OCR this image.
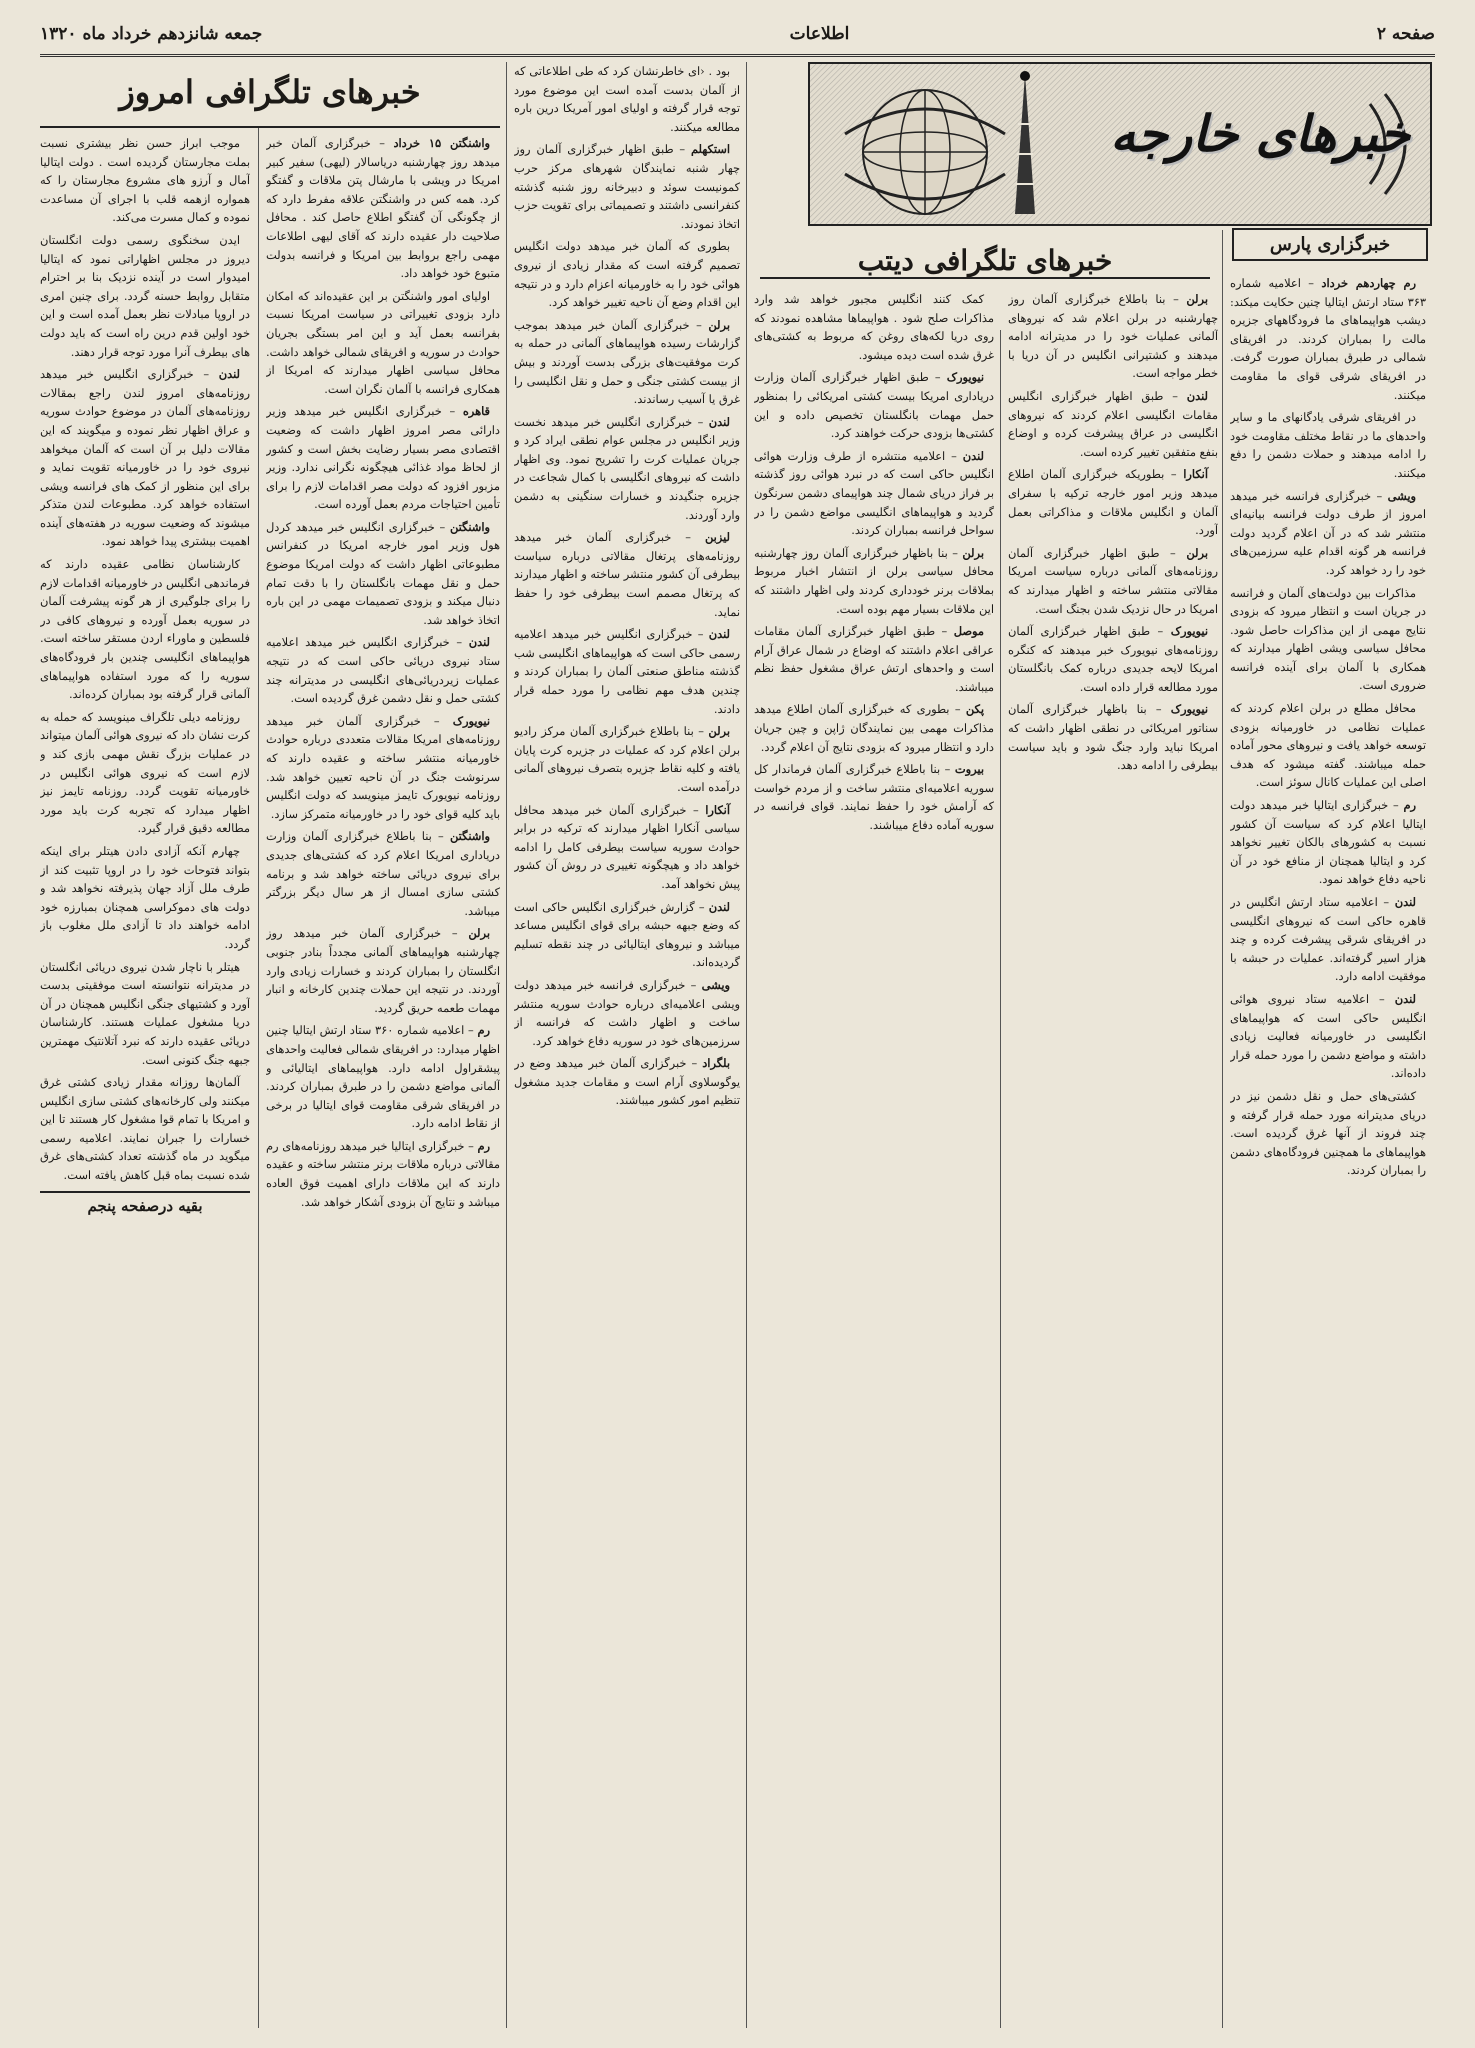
صفحه ۲
اطلاعات
جمعه شانزدهم خرداد ماه ۱۳۲۰

موجب ابراز حسن نظر بیشتری نسبت بملت مجارستان گردیده است . دولت ایتالیا آمال و آرزو های مشروع مجارستان را که همواره ازهمه قلب با اجرای آن مساعدت نموده و کمال مسرت می‌کند.

ایدن سخنگوی رسمی دولت انگلستان دیروز در مجلس اظهاراتی نمود که ایتالیا امیدوار است در آینده نزدیک بنا بر احترام متقابل روابط حسنه گردد. برای چنین امری در اروپا مبادلات نظر بعمل آمده است و این خود اولین قدم درین راه است که باید دولت های بیطرف آنرا مورد توجه قرار دهند.

لندن – خبرگزاری انگلیس خبر میدهد روزنامه‌های امروز لندن راجع بمقالات روزنامه‌های آلمان در موضوع حوادث سوریه و عراق اظهار نظر نموده و میگویند که این مقالات دلیل بر آن است که آلمان میخواهد نیروی خود را در خاورمیانه تقویت نماید و برای این منظور از کمک های فرانسه ویشی استفاده خواهد کرد. مطبوعات لندن متذکر میشوند که وضعیت سوریه در هفته‌های آینده اهمیت بیشتری پیدا خواهد نمود.

کارشناسان نظامی عقیده دارند که فرماندهی انگلیس در خاورمیانه اقدامات لازم را برای جلوگیری از هر گونه پیشرفت آلمان در سوریه بعمل آورده و نیروهای کافی در فلسطین و ماوراء اردن مستقر ساخته است. هواپیماهای انگلیسی چندین بار فرودگاه‌های سوریه را که مورد استفاده هواپیماهای آلمانی قرار گرفته بود بمباران کرده‌اند.

روزنامه دیلی تلگراف مینویسد که حمله به کرت نشان داد که نیروی هوائی آلمان میتواند در عملیات بزرگ نقش مهمی بازی کند و لازم است که نیروی هوائی انگلیس در خاورمیانه تقویت گردد. روزنامه تایمز نیز اظهار میدارد که تجربه کرت باید مورد مطالعه دقیق قرار گیرد.

چهارم آنکه آزادی دادن هیتلر برای اینکه بتواند فتوحات خود را در اروپا تثبیت کند از طرف ملل آزاد جهان پذیرفته نخواهد شد و دولت های دموکراسی همچنان بمبارزه خود ادامه خواهند داد تا آزادی ملل مغلوب باز گردد.

هیتلر با ناچار شدن نیروی دریائی انگلستان در مدیترانه نتوانسته است موفقیتی بدست آورد و کشتیهای جنگی انگلیس همچنان در آن دریا مشغول عملیات هستند. کارشناسان دریائی عقیده دارند که نبرد آتلانتیک مهمترین جبهه جنگ کنونی است.

آلمان‌ها روزانه مقدار زیادی کشتی غرق میکنند ولی کارخانه‌های کشتی سازی انگلیس و امریکا با تمام قوا مشغول کار هستند تا این خسارات را جبران نمایند. اعلامیه رسمی میگوید در ماه گذشته تعداد کشتی‌های غرق شده نسبت بماه قبل کاهش یافته است.

بقیه درصفحه پنجم
خبرهای تلگرافی امروز

واشنگتن ۱۵ خرداد – خبرگزاری آلمان خبر میدهد روز چهارشنبه دریاسالار (لیهی) سفیر کبیر امریکا در ویشی با مارشال پتن ملاقات و گفتگو کرد. همه کس در واشنگتن علاقه مفرط دارد که از چگونگی آن گفتگو اطلاع حاصل کند . محافل صلاحیت دار عقیده دارند که آقای لیهی اطلاعات مهمی راجع بروابط بین امریکا و فرانسه بدولت متبوع خود خواهد داد.

اولیای امور واشنگتن بر این عقیده‌اند که امکان دارد بزودی تغییراتی در سیاست امریکا نسبت بفرانسه بعمل آید و این امر بستگی بجریان حوادث در سوریه و افریقای شمالی خواهد داشت. محافل سیاسی اظهار میدارند که امریکا از همکاری فرانسه با آلمان نگران است.

قاهره – خبرگزاری انگلیس خبر میدهد وزیر دارائی مصر امروز اظهار داشت که وضعیت اقتصادی مصر بسیار رضایت بخش است و کشور از لحاظ مواد غذائی هیچگونه نگرانی ندارد. وزیر مزبور افزود که دولت مصر اقدامات لازم را برای تأمین احتیاجات مردم بعمل آورده است.

واشنگتن – خبرگزاری انگلیس خبر میدهد کردل هول وزیر امور خارجه امریکا در کنفرانس مطبوعاتی اظهار داشت که دولت امریکا موضوع حمل و نقل مهمات بانگلستان را با دقت تمام دنبال میکند و بزودی تصمیمات مهمی در این باره اتخاذ خواهد شد.

لندن – خبرگزاری انگلیس خبر میدهد اعلامیه ستاد نیروی دریائی حاکی است که در نتیجه عملیات زیردریائی‌های انگلیسی در مدیترانه چند کشتی حمل و نقل دشمن غرق گردیده است.

نیویورک – خبرگزاری آلمان خبر میدهد روزنامه‌های امریکا مقالات متعددی درباره حوادث خاورمیانه منتشر ساخته و عقیده دارند که سرنوشت جنگ در آن ناحیه تعیین خواهد شد. روزنامه نیویورک تایمز مینویسد که دولت انگلیس باید کلیه قوای خود را در خاورمیانه متمرکز سازد.

واشنگتن – بنا باطلاع خبرگزاری آلمان وزارت دریاداری امریکا اعلام کرد که کشتی‌های جدیدی برای نیروی دریائی ساخته خواهد شد و برنامه کشتی سازی امسال از هر سال دیگر بزرگتر میباشد.

برلن – خبرگزاری آلمان خبر میدهد روز چهارشنبه هواپیماهای آلمانی مجدداً بنادر جنوبی انگلستان را بمباران کردند و خسارات زیادی وارد آوردند. در نتیجه این حملات چندین کارخانه و انبار مهمات طعمه حریق گردید.

رم – اعلامیه شماره ۳۶۰ ستاد ارتش ایتالیا چنین اظهار میدارد: در افریقای شمالی فعالیت واحدهای پیشقراول ادامه دارد. هواپیماهای ایتالیائی و آلمانی مواضع دشمن را در طبرق بمباران کردند. در افریقای شرقی مقاومت قوای ایتالیا در برخی از نقاط ادامه دارد.

رم – خبرگزاری ایتالیا خبر میدهد روزنامه‌های رم مقالاتی درباره ملاقات برنر منتشر ساخته و عقیده دارند که این ملاقات دارای اهمیت فوق العاده میباشد و نتایج آن بزودی آشکار خواهد شد.

بود . ‹ای خاطرنشان کرد که طی اطلاعاتی که از آلمان بدست آمده است این موضوع مورد توجه قرار گرفته و اولیای امور آمریکا درین باره مطالعه میکنند.

استکهلم – طبق اظهار خبرگزاری آلمان روز چهار شنبه نمایندگان شهرهای مرکز حرب کمونیست سوئد و دبیرخانه روز شنبه گذشته کنفرانسی داشتند و تصمیماتی برای تقویت حزب اتخاذ نمودند.

بطوری که آلمان خبر میدهد دولت انگلیس تصمیم گرفته است که مقدار زیادی از نیروی هوائی خود را به خاورمیانه اعزام دارد و در نتیجه این اقدام وضع آن ناحیه تغییر خواهد کرد.

برلن – خبرگزاری آلمان خبر میدهد بموجب گزارشات رسیده هواپیماهای آلمانی در حمله به کرت موفقیت‌های بزرگی بدست آوردند و بیش از بیست کشتی جنگی و حمل و نقل انگلیسی را غرق یا آسیب رساندند.

لندن – خبرگزاری انگلیس خبر میدهد نخست وزیر انگلیس در مجلس عوام نطقی ایراد کرد و جریان عملیات کرت را تشریح نمود. وی اظهار داشت که نیروهای انگلیسی با کمال شجاعت در جزیره جنگیدند و خسارات سنگینی به دشمن وارد آوردند.

لیزبن – خبرگزاری آلمان خبر میدهد روزنامه‌های پرتغال مقالاتی درباره سیاست بیطرفی آن کشور منتشر ساخته و اظهار میدارند که پرتغال مصمم است بیطرفی خود را حفظ نماید.

لندن – خبرگزاری انگلیس خبر میدهد اعلامیه رسمی حاکی است که هواپیماهای انگلیسی شب گذشته مناطق صنعتی آلمان را بمباران کردند و چندین هدف مهم نظامی را مورد حمله قرار دادند.

برلن – بنا باطلاع خبرگزاری آلمان مرکز رادیو برلن اعلام کرد که عملیات در جزیره کرت پایان یافته و کلیه نقاط جزیره بتصرف نیروهای آلمانی درآمده است.

آنکارا – خبرگزاری آلمان خبر میدهد محافل سیاسی آنکارا اظهار میدارند که ترکیه در برابر حوادث سوریه سیاست بیطرفی کامل را ادامه خواهد داد و هیچگونه تغییری در روش آن کشور پیش نخواهد آمد.

لندن – گزارش خبرگزاری انگلیس حاکی است که وضع جبهه حبشه برای قوای انگلیس مساعد میباشد و نیروهای ایتالیائی در چند نقطه تسلیم گردیده‌اند.

ویشی – خبرگزاری فرانسه خبر میدهد دولت ویشی اعلامیه‌ای درباره حوادث سوریه منتشر ساخت و اظهار داشت که فرانسه از سرزمین‌های خود در سوریه دفاع خواهد کرد.

بلگراد – خبرگزاری آلمان خبر میدهد وضع در یوگوسلاوی آرام است و مقامات جدید مشغول تنظیم امور کشور میباشند.

خبرهای خارجه
خبرهای تلگرافی دیتب	خبرگزاری پارس

کمک کنند انگلیس مجبور خواهد شد وارد مذاکرات صلح شود . هواپیماها مشاهده نمودند که روی دریا لکه‌های روغن که مربوط به کشتی‌های غرق شده است دیده میشود.

نیویورک – طبق اظهار خبرگزاری آلمان وزارت دریاداری امریکا بیست کشتی امریکائی را بمنظور حمل مهمات بانگلستان تخصیص داده و این کشتی‌ها بزودی حرکت خواهند کرد.

لندن – اعلامیه منتشره از طرف وزارت هوائی انگلیس حاکی است که در نبرد هوائی روز گذشته بر فراز دریای شمال چند هواپیمای دشمن سرنگون گردید و هواپیماهای انگلیسی مواضع دشمن را در سواحل فرانسه بمباران کردند.

برلن – بنا باظهار خبرگزاری آلمان روز چهارشنبه محافل سیاسی برلن از انتشار اخبار مربوط بملاقات برنر خودداری کردند ولی اظهار داشتند که این ملاقات بسیار مهم بوده است.

موصل – طبق اظهار خبرگزاری آلمان مقامات عراقی اعلام داشتند که اوضاع در شمال عراق آرام است و واحدهای ارتش عراق مشغول حفظ نظم میباشند.

پکن – بطوری که خبرگزاری آلمان اطلاع میدهد مذاکرات مهمی بین نمایندگان ژاپن و چین جریان دارد و انتظار میرود که بزودی نتایج آن اعلام گردد.

بیروت – بنا باطلاع خبرگزاری آلمان فرماندار کل سوریه اعلامیه‌ای منتشر ساخت و از مردم خواست که آرامش خود را حفظ نمایند. قوای فرانسه در سوریه آماده دفاع میباشند.

برلن – بنا باطلاع خبرگزاری آلمان روز چهارشنبه در برلن اعلام شد که نیروهای آلمانی عملیات خود را در مدیترانه ادامه میدهند و کشتیرانی انگلیس در آن دریا با خطر مواجه است.

لندن – طبق اظهار خبرگزاری انگلیس مقامات انگلیسی اعلام کردند که نیروهای انگلیسی در عراق پیشرفت کرده و اوضاع بنفع متفقین تغییر کرده است.

آنکارا – بطوریکه خبرگزاری آلمان اطلاع میدهد وزیر امور خارجه ترکیه با سفرای آلمان و انگلیس ملاقات و مذاکراتی بعمل آورد.

برلن – طبق اظهار خبرگزاری آلمان روزنامه‌های آلمانی درباره سیاست امریکا مقالاتی منتشر ساخته و اظهار میدارند که امریکا در حال نزدیک شدن بجنگ است.

نیویورک – طبق اظهار خبرگزاری آلمان روزنامه‌های نیویورک خبر میدهند که کنگره امریکا لایحه جدیدی درباره کمک بانگلستان مورد مطالعه قرار داده است.

نیویورک – بنا باظهار خبرگزاری آلمان سناتور امریکائی در نطقی اظهار داشت که امریکا نباید وارد جنگ شود و باید سیاست بیطرفی را ادامه دهد.

رم چهاردهم خرداد – اعلامیه شماره ۳۶۳ ستاد ارتش ایتالیا چنین حکایت میکند: دیشب هواپیماهای ما فرودگاههای جزیره مالت را بمباران کردند. در افریقای شمالی در طبرق بمباران صورت گرفت. در افریقای شرقی قوای ما مقاومت میکنند.

در افریقای شرقی یادگانهای ما و سایر واحدهای ما در نقاط مختلف مقاومت خود را ادامه میدهند و حملات دشمن را دفع میکنند.

ویشی – خبرگزاری فرانسه خبر میدهد امروز از طرف دولت فرانسه بیانیه‌ای منتشر شد که در آن اعلام گردید دولت فرانسه هر گونه اقدام علیه سرزمین‌های خود را رد خواهد کرد.

مذاکرات بین دولت‌های آلمان و فرانسه در جریان است و انتظار میرود که بزودی نتایج مهمی از این مذاکرات حاصل شود. محافل سیاسی ویشی اظهار میدارند که همکاری با آلمان برای آینده فرانسه ضروری است.

محافل مطلع در برلن اعلام کردند که عملیات نظامی در خاورمیانه بزودی توسعه خواهد یافت و نیروهای محور آماده حمله میباشند. گفته میشود که هدف اصلی این عملیات کانال سوئز است.

رم – خبرگزاری ایتالیا خبر میدهد دولت ایتالیا اعلام کرد که سیاست آن کشور نسبت به کشورهای بالکان تغییر نخواهد کرد و ایتالیا همچنان از منافع خود در آن ناحیه دفاع خواهد نمود.

لندن – اعلامیه ستاد ارتش انگلیس در قاهره حاکی است که نیروهای انگلیسی در افریقای شرقی پیشرفت کرده و چند هزار اسیر گرفته‌اند. عملیات در حبشه با موفقیت ادامه دارد.

لندن – اعلامیه ستاد نیروی هوائی انگلیس حاکی است که هواپیماهای انگلیسی در خاورمیانه فعالیت زیادی داشته و مواضع دشمن را مورد حمله قرار داده‌اند.

کشتی‌های حمل و نقل دشمن نیز در دریای مدیترانه مورد حمله قرار گرفته و چند فروند از آنها غرق گردیده است. هواپیماهای ما همچنین فرودگاه‌های دشمن را بمباران کردند.
